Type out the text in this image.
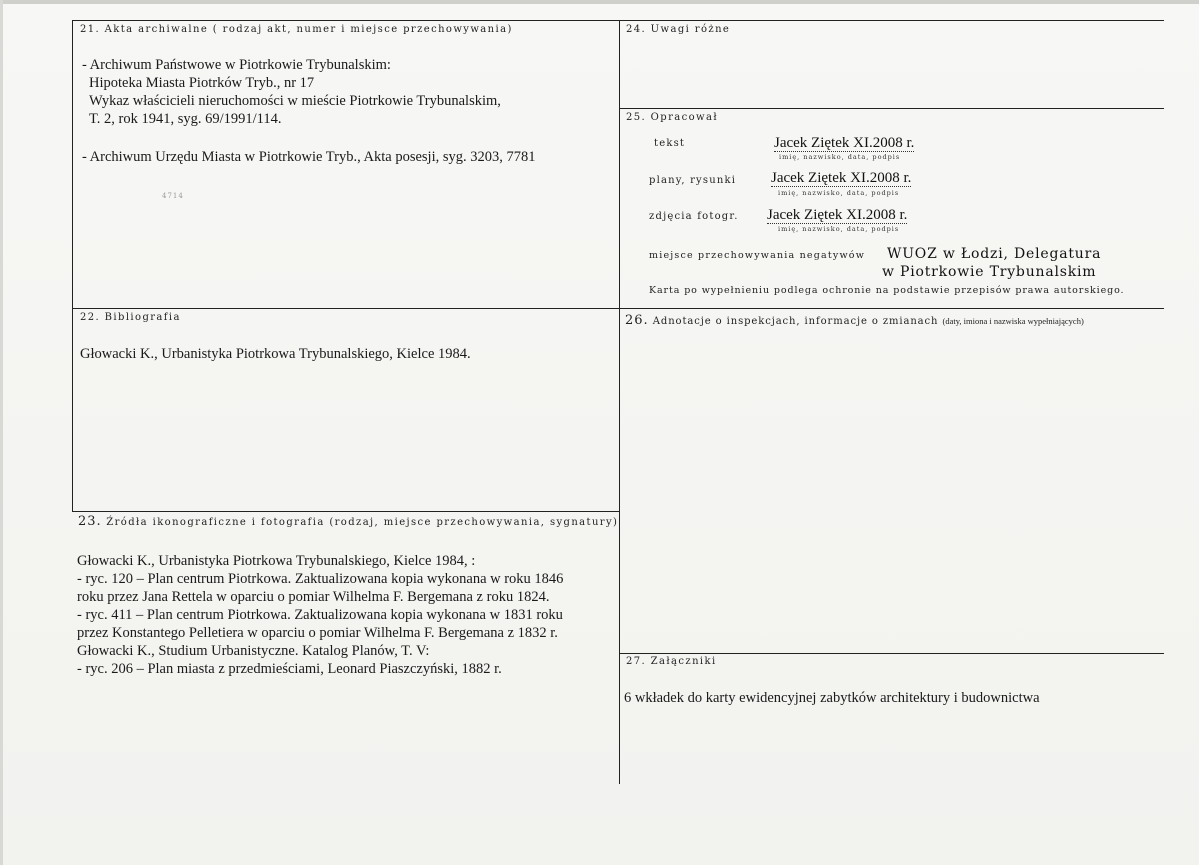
21. Akta archiwalne ( rodzaj akt, numer i miejsce przechowywania)
- Archiwum Państwowe w Piotrkowie Trybunalskim:
Hipoteka Miasta Piotrków Tryb., nr 17
Wykaz właścicieli nieruchomości w mieście Piotrkowie Trybunalskim,
T. 2, rok 1941, syg. 69/1991/114.
- Archiwum Urzędu Miasta w Piotrkowie Tryb., Akta posesji, syg. 3203, 7781
4714
22. Bibliografia
Głowacki K., Urbanistyka Piotrkowa Trybunalskiego, Kielce 1984.
23. Źródła ikonograficzne i fotografia (rodzaj, miejsce przechowywania, sygnatury)
Głowacki K., Urbanistyka Piotrkowa Trybunalskiego, Kielce 1984, :
- ryc. 120 – Plan centrum Piotrkowa. Zaktualizowana kopia wykonana w roku 1846
roku przez Jana Rettela w oparciu o pomiar Wilhelma F. Bergemana z roku 1824.
- ryc. 411 – Plan centrum Piotrkowa. Zaktualizowana kopia wykonana w 1831 roku
przez Konstantego Pelletiera w oparciu o pomiar Wilhelma F. Bergemana z 1832 r.
Głowacki K., Studium Urbanistyczne. Katalog Planów, T. V:
- ryc. 206 – Plan miasta z przedmieściami, Leonard Piaszczyński, 1882 r.
24. Uwagi różne
25. Opracował
tekst	Jacek Ziętek XI.2008 r.
imię, nazwisko, data, podpis
plany, rysunki Jacek Ziętek XI.2008 r.
imię, nazwisko, data, podpis
zdjęcia fotogr. Jacek Ziętek XI.2008 r.
imię, nazwisko, data, podpis
miejsce przechowywania negatywów WUOZ w Łodzi, Delegatura
w Piotrkowie Trybunalskim
Karta po wypełnieniu podlega ochronie na podstawie przepisów prawa autorskiego.
26. Adnotacje o inspekcjach, informacje o zmianach (daty, imiona i nazwiska wypełniających)
27. Załączniki
6 wkładek do karty ewidencyjnej zabytków architektury i budownictwa
